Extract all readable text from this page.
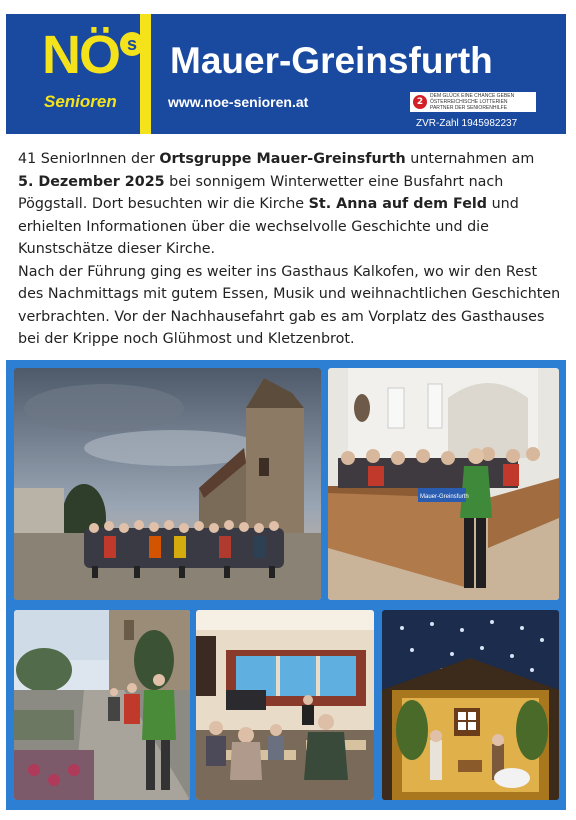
NÖ s
Senioren
Mauer-Greinsfurth
www.noe-senioren.at	2
DEM GLÜCK EINE CHANCE GEBEN
ÖSTERREICHISCHE LOTTERIEN
PARTNER DER SENIORENHILFE
ZVR-Zahl 1945982237

41 SeniorInnen der Ortsgruppe Mauer-Greinsfurth unternahmen am
5. Dezember 2025 bei sonnigem Winterwetter eine Busfahrt nach Pöggstall. Dort besuchten wir die Kirche St. Anna auf dem Feld und erhielten Informationen über die wechselvolle Geschichte und die Kunstschätze dieser Kirche.

Nach der Führung ging es weiter ins Gasthaus Kalkofen, wo wir den Rest des Nachmittags mit gutem Essen, Musik und weihnachtlichen Geschichten verbrachten. Vor der Nachhausefahrt gab es am Vorplatz des Gasthauses bei der Krippe noch Glühmost und Kletzenbrot.

Mauer-Greinsfurth
